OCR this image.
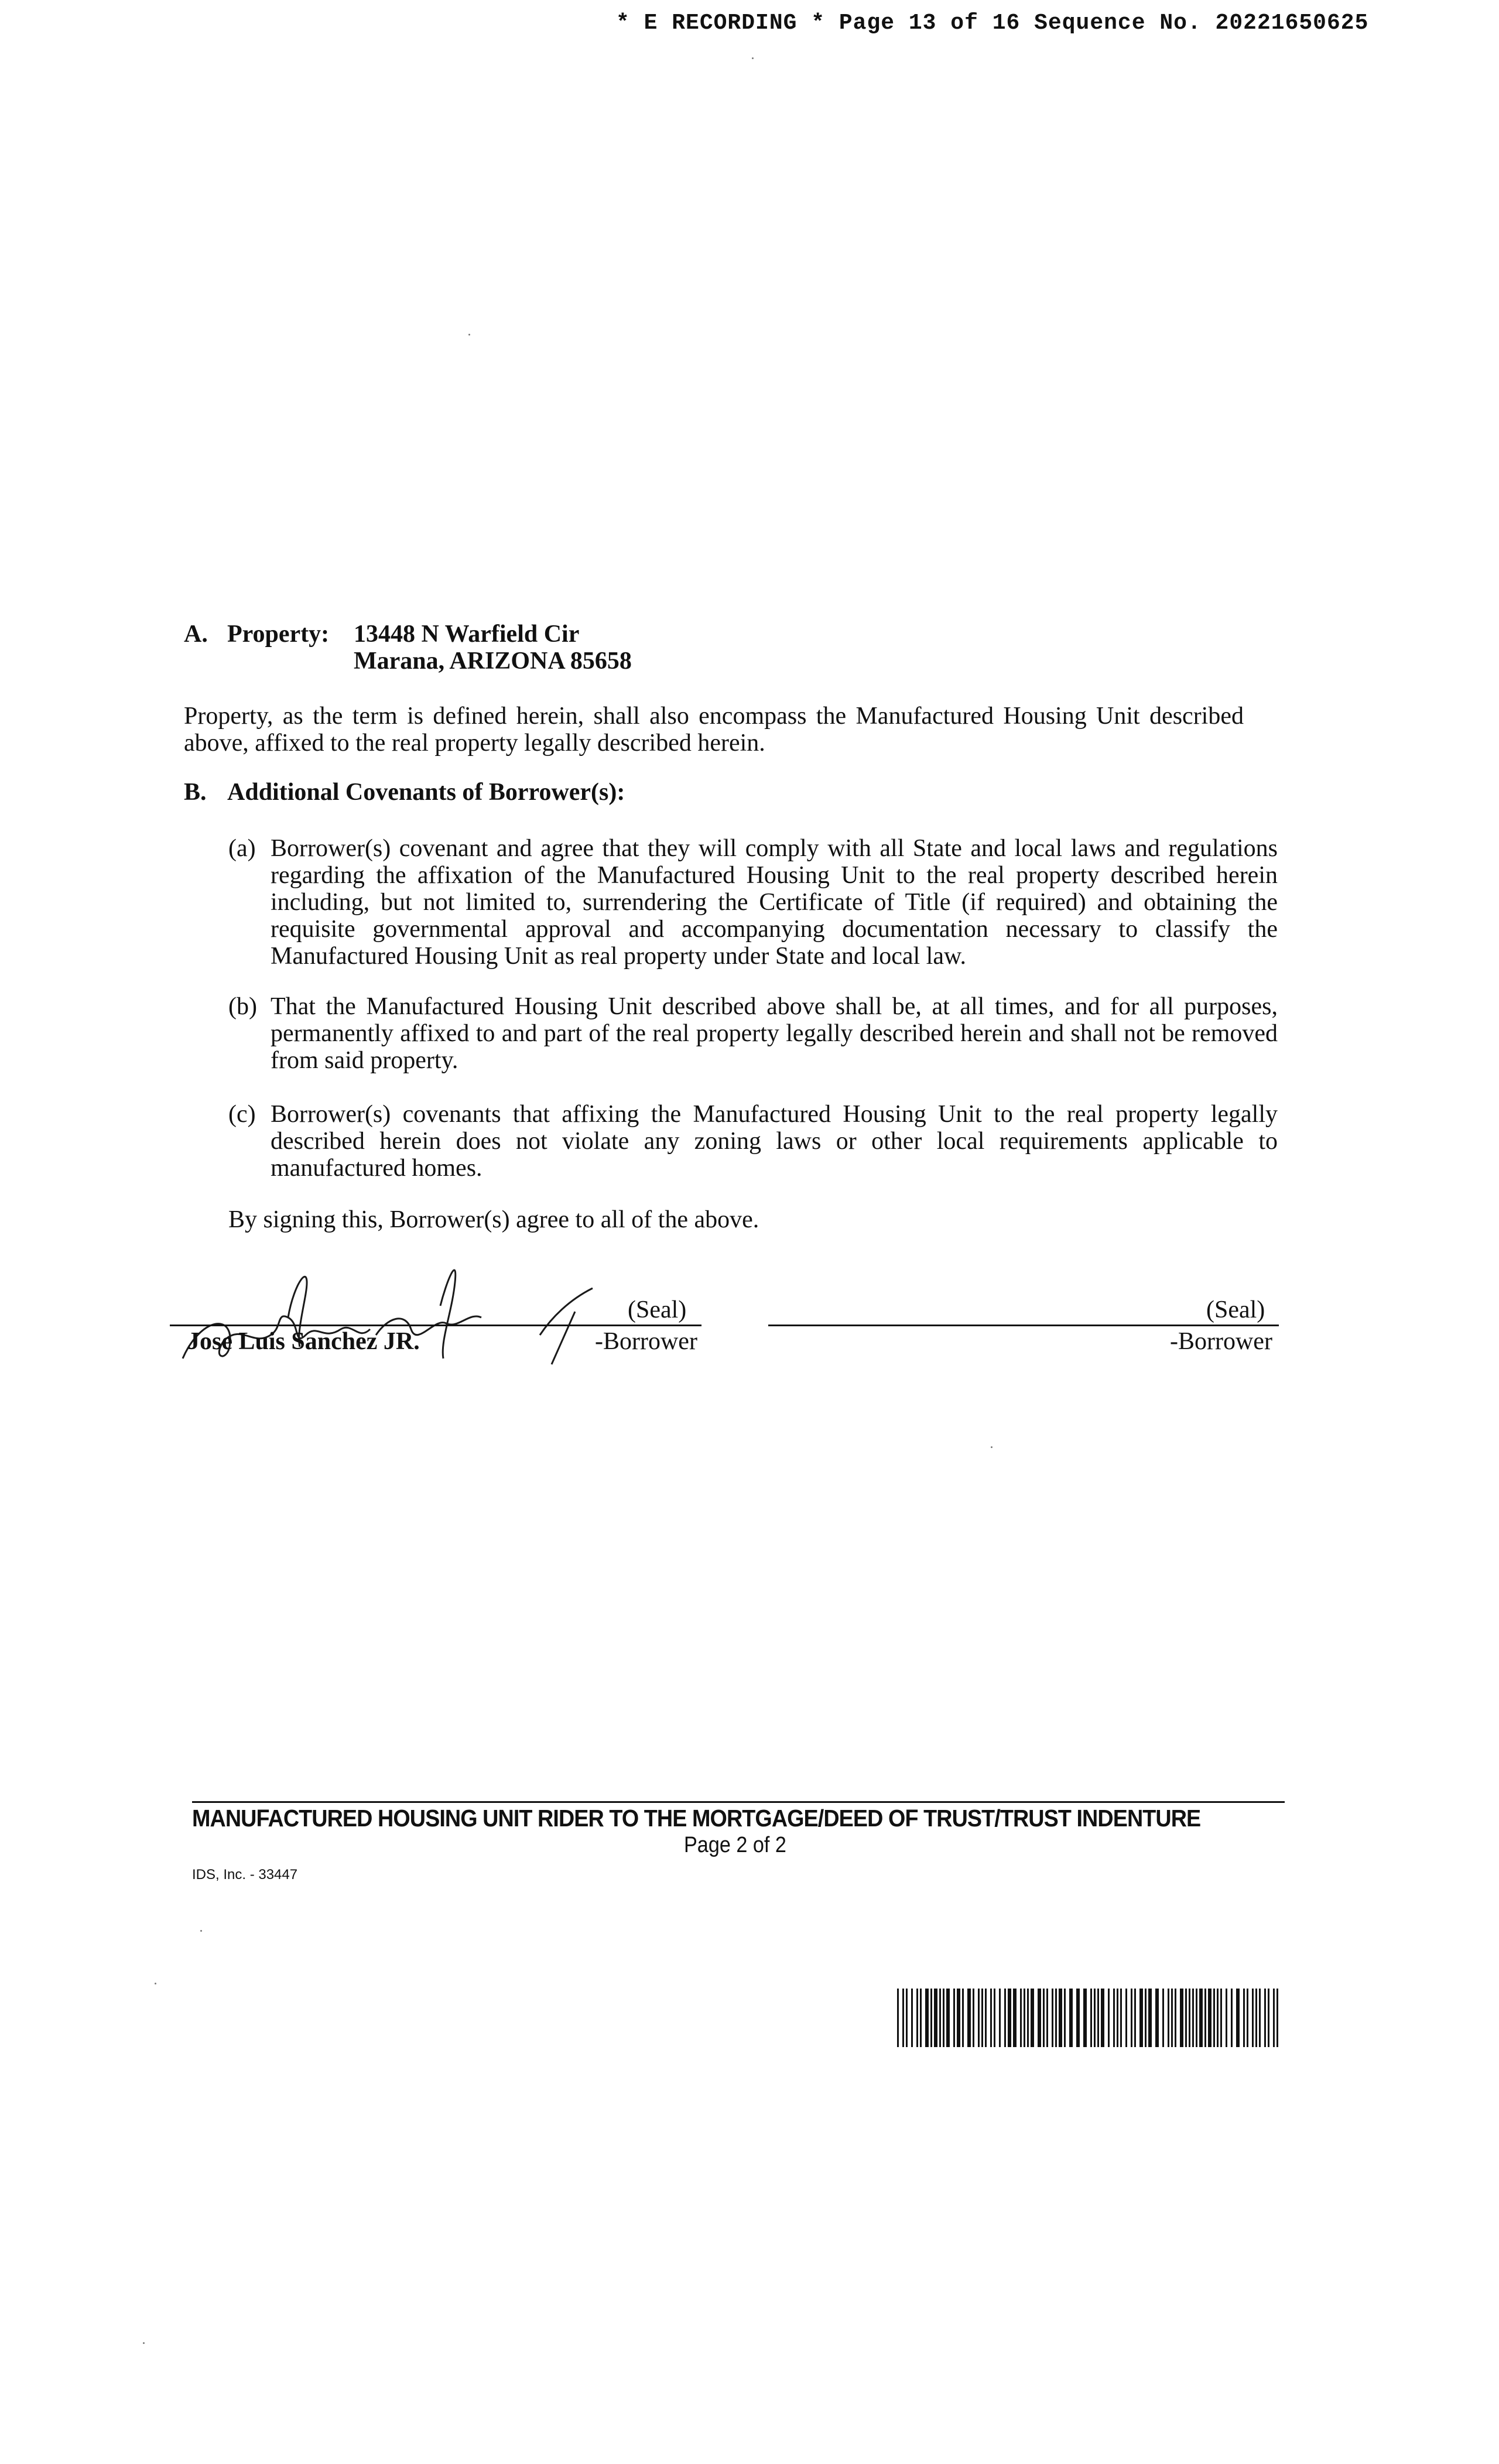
* E RECORDING * Page 13 of 16 Sequence No. 20221650625
A. Property: 13448 N Warfield Cir
Marana, ARIZONA 85658
Property, as the term is defined herein, shall also encompass the Manufactured Housing Unit described above, affixed to the real property legally described herein.
B. Additional Covenants of Borrower(s):
(a) Borrower(s) covenant and agree that they will comply with all State and local laws and regulations regarding the affixation of the Manufactured Housing Unit to the real property described herein including, but not limited to, surrendering the Certificate of Title (if required) and obtaining the requisite governmental approval and accompanying documentation necessary to classify the Manufactured Housing Unit as real property under State and local law.
(b) That the Manufactured Housing Unit described above shall be, at all times, and for all purposes, permanently affixed to and part of the real property legally described herein and shall not be removed from said property.
(c) Borrower(s) covenants that affixing the Manufactured Housing Unit to the real property legally described herein does not violate any zoning laws or other local requirements applicable to manufactured homes.
By signing this, Borrower(s) agree to all of the above.
(Seal)
Jose Luis Sanchez JR.	-Borrower
(Seal)
-Borrower
MANUFACTURED HOUSING UNIT RIDER TO THE MORTGAGE/DEED OF TRUST/TRUST INDENTURE
Page 2 of 2
IDS, Inc. - 33447
